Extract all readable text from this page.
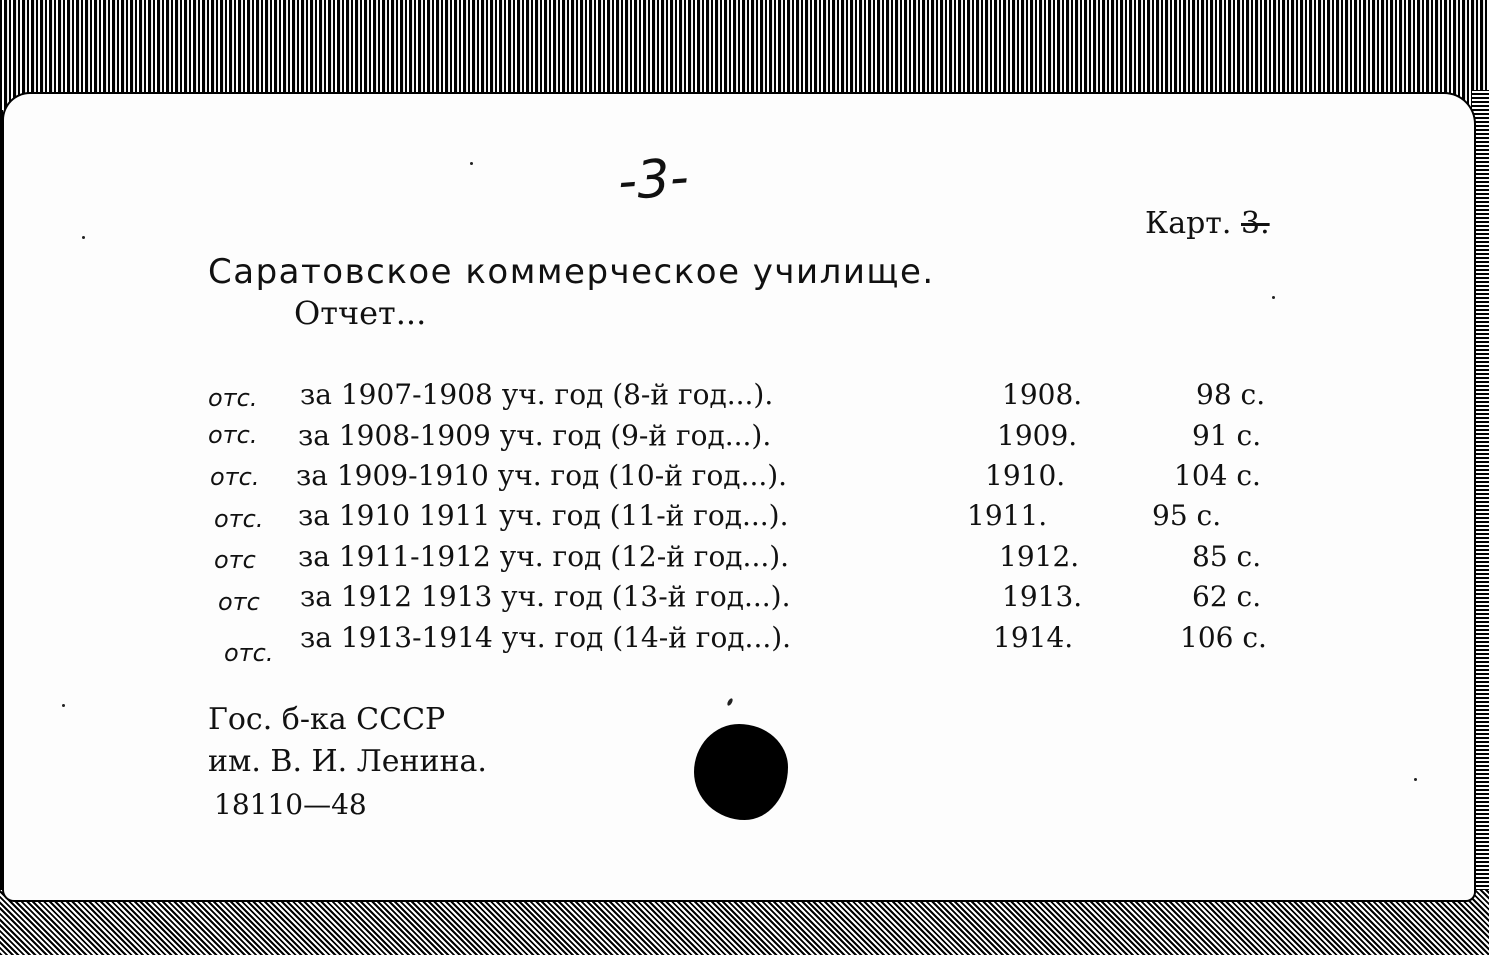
-3-
Карт. 3.
Саратовское коммерческое училище.
Отчет...
отс. за 1907-1908 уч. год (8-й год...).	1908.	98 с.
отс. за 1908-1909 уч. год (9-й год...).	1909.	91 с.
отс. за 1909-1910 уч. год (10-й год...).	1910.	104 с.
отс. за 1910 1911 уч. год (11-й год...).	1911.	95 с.
отс за 1911-1912 уч. год (12-й год...).	1912.	85 с.
отс за 1912 1913 уч. год (13-й год...).	1913.	62 с.
отс. за 1913-1914 уч. год (14-й год...).	1914.	106 с.
Гос. б-ка СССР
им. В. И. Ленина.
18110—48
